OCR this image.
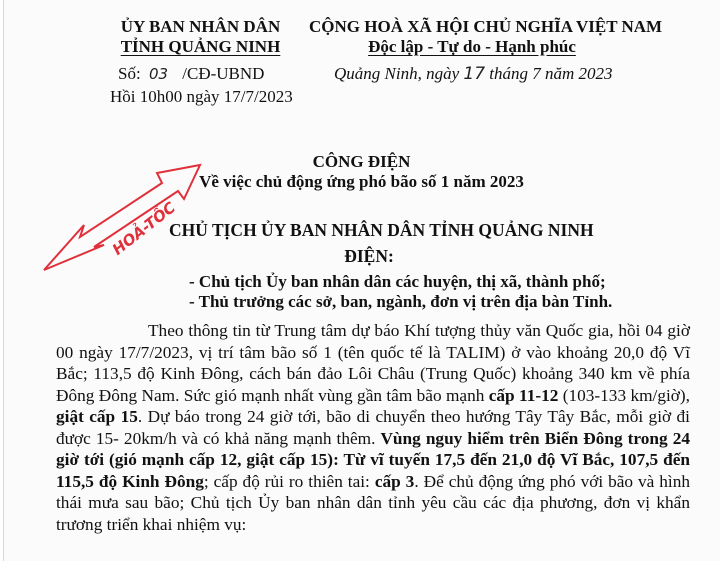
ỦY BAN NHÂN DÂN
TỈNH QUẢNG NINH
Số: 03 /CĐ-UBND
Hồi 10h00 ngày 17/7/2023
CỘNG HOÀ XÃ HỘI CHỦ NGHĨA VIỆT NAM
Độc lập - Tự do - Hạnh phúc
Quảng Ninh, ngày 17 tháng 7 năm 2023
HOẢ-TỐC
CÔNG ĐIỆN
Về việc chủ động ứng phó bão số 1 năm 2023
CHỦ TỊCH ỦY BAN NHÂN DÂN TỈNH QUẢNG NINH
ĐIỆN:
- Chủ tịch Ủy ban nhân dân các huyện, thị xã, thành phố;
- Thủ trưởng các sở, ban, ngành, đơn vị trên địa bàn Tỉnh.

Theo thông tin từ Trung tâm dự báo Khí tượng thủy văn Quốc gia, hồi 04 giờ 00 ngày 17/7/2023, vị trí tâm bão số 1 (tên quốc tế là TALIM) ở vào khoảng 20,0 độ Vĩ Bắc; 113,5 độ Kinh Đông, cách bán đảo Lôi Châu (Trung Quốc) khoảng 340 km về phía Đông Đông Nam. Sức gió mạnh nhất vùng gần tâm bão mạnh cấp 11-12 (103-133 km/giờ), giật cấp 15. Dự báo trong 24 giờ tới, bão di chuyển theo hướng Tây Tây Bắc, mỗi giờ đi được 15- 20km/h và có khả năng mạnh thêm. Vùng nguy hiểm trên Biển Đông trong 24 giờ tới (gió mạnh cấp 12, giật cấp 15): Từ vĩ tuyến 17,5 đến 21,0 độ Vĩ Bắc, 107,5 đến 115,5 độ Kinh Đông; cấp độ rủi ro thiên tai: cấp 3. Để chủ động ứng phó với bão và hình thái mưa sau bão; Chủ tịch Ủy ban nhân dân tỉnh yêu cầu các địa phương, đơn vị khẩn trương triển khai nhiệm vụ:
